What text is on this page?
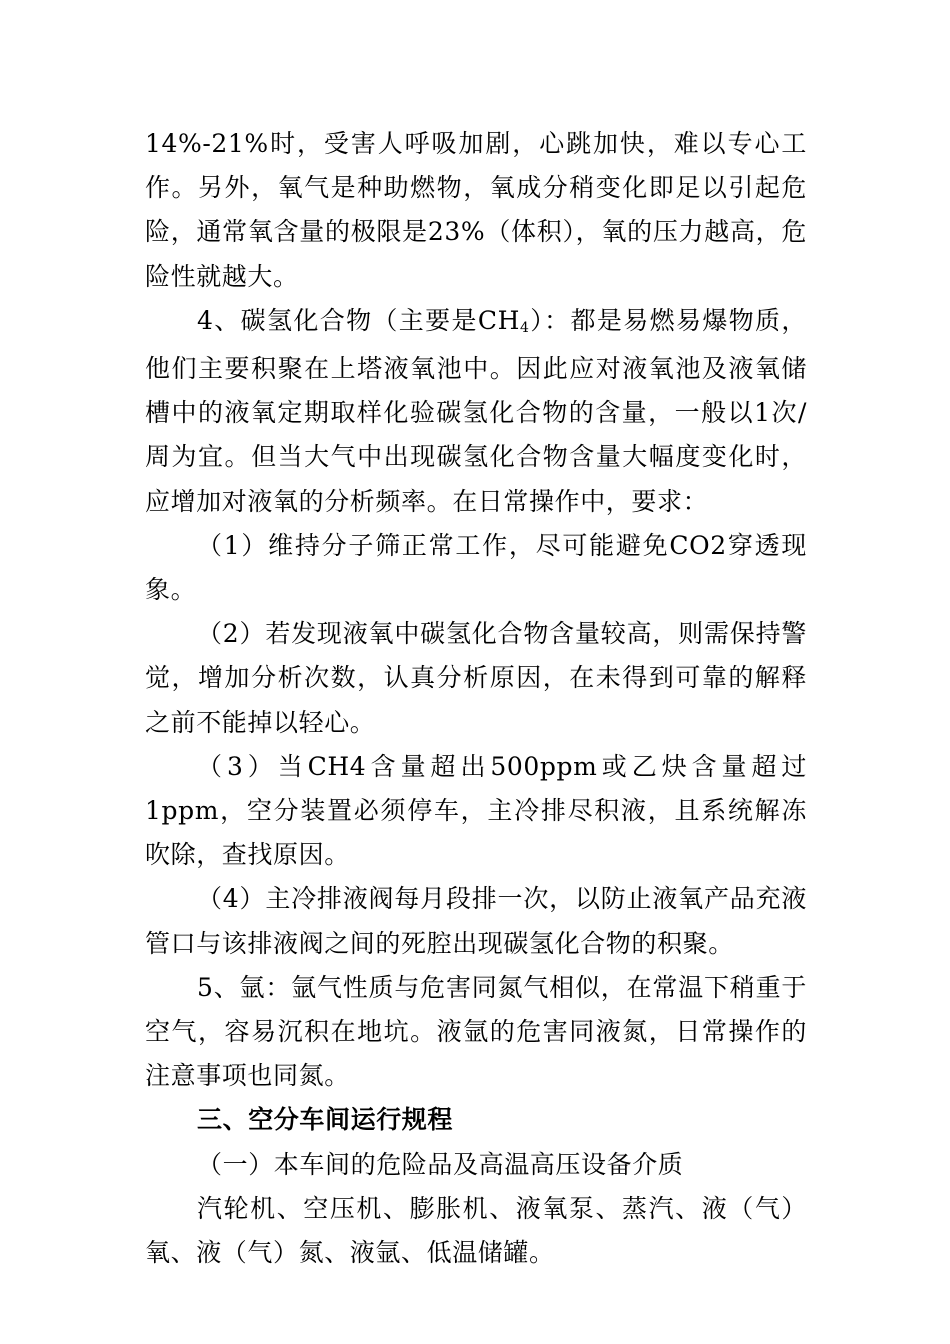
14%-21%时，受害人呼吸加剧，心跳加快，难以专心工作。另外，氧气是种助燃物，氧成分稍变化即足以引起危险，通常氧含量的极限是23%（体积），氧的压力越高，危险性就越大。

4、碳氢化合物（主要是$CH_4$）：都是易燃易爆物质，他们主要积聚在上塔液氧池中。因此应对液氧池及液氧储槽中的液氧定期取样化验碳氢化合物的含量，一般以1次/周为宜。但当大气中出现碳氢化合物含量大幅度变化时，应增加对液氧的分析频率。在日常操作中，要求：

（1）维持分子筛正常工作，尽可能避免CO2穿透现象。

（2）若发现液氧中碳氢化合物含量较高，则需保持警觉，增加分析次数，认真分析原因，在未得到可靠的解释之前不能掉以轻心。

（3）当CH4含量超出500ppm或乙炔含量超过1ppm，空分装置必须停车，主冷排尽积液，且系统解冻吹除，查找原因。

（4）主冷排液阀每月段排一次，以防止液氧产品充液管口与该排液阀之间的死腔出现碳氢化合物的积聚。

5、氩：氩气性质与危害同氮气相似，在常温下稍重于空气，容易沉积在地坑。液氩的危害同液氮，日常操作的注意事项也同氮。

三、空分车间运行规程

（一）本车间的危险品及高温高压设备介质

汽轮机、空压机、膨胀机、液氧泵、蒸汽、液（气）氧、液（气）氮、液氩、低温储罐。
